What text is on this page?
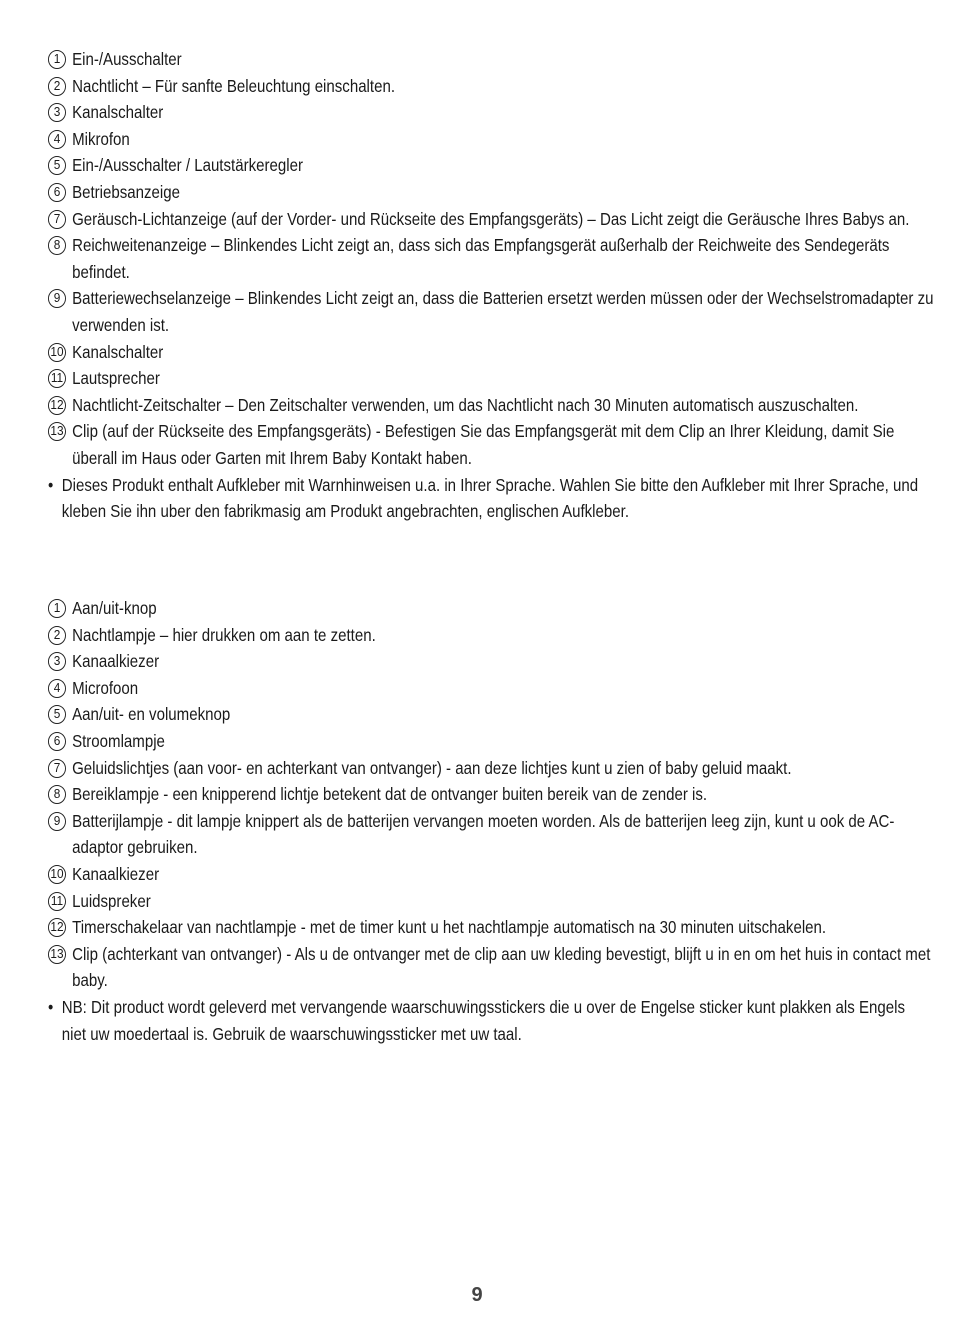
1 Ein-/Ausschalter
2 Nachtlicht – Für sanfte Beleuchtung einschalten.
3 Kanalschalter
4 Mikrofon
5 Ein-/Ausschalter / Lautstärkeregler
6 Betriebsanzeige
7 Geräusch-Lichtanzeige (auf der Vorder- und Rückseite des Empfangsgeräts) – Das Licht zeigt die Geräusche Ihres Babys an.
8 Reichweitenanzeige – Blinkendes Licht zeigt an, dass sich das Empfangsgerät außerhalb der Reichweite des Sendegeräts befindet.
9 Batteriewechselanzeige – Blinkendes Licht zeigt an, dass die Batterien ersetzt werden müssen oder der Wechselstromadapter zu verwenden ist.
10 Kanalschalter
11 Lautsprecher
12 Nachtlicht-Zeitschalter – Den Zeitschalter verwenden, um das Nachtlicht nach 30 Minuten automatisch auszuschalten.
13 Clip (auf der Rückseite des Empfangsgeräts) - Befestigen Sie das Empfangsgerät mit dem Clip an Ihrer Kleidung, damit Sie überall im Haus oder Garten mit Ihrem Baby Kontakt haben.
• Dieses Produkt enthalt Aufkleber mit Warnhinweisen u.a. in Ihrer Sprache. Wahlen Sie bitte den Aufkleber mit Ihrer Sprache, und kleben Sie ihn uber den fabrikmasig am Produkt angebrachten, englischen Aufkleber.
1 Aan/uit-knop
2 Nachtlampje – hier drukken om aan te zetten.
3 Kanaalkiezer
4 Microfoon
5 Aan/uit- en volumeknop
6 Stroomlampje
7 Geluidslichtjes (aan voor- en achterkant van ontvanger) - aan deze lichtjes kunt u zien of baby geluid maakt.
8 Bereiklampje - een knipperend lichtje betekent dat de ontvanger buiten bereik van de zender is.
9 Batterijlampje - dit lampje knippert als de batterijen vervangen moeten worden. Als de batterijen leeg zijn, kunt u ook de AC-adaptor gebruiken.
10 Kanaalkiezer
11 Luidspreker
12 Timerschakelaar van nachtlampje - met de timer kunt u het nachtlampje automatisch na 30 minuten uitschakelen.
13 Clip (achterkant van ontvanger) - Als u de ontvanger met de clip aan uw kleding bevestigt, blijft u in en om het huis in contact met baby.
• NB: Dit product wordt geleverd met vervangende waarschuwingsstickers die u over de Engelse sticker kunt plakken als Engels niet uw moedertaal is. Gebruik de waarschuwingssticker met uw taal.
9
